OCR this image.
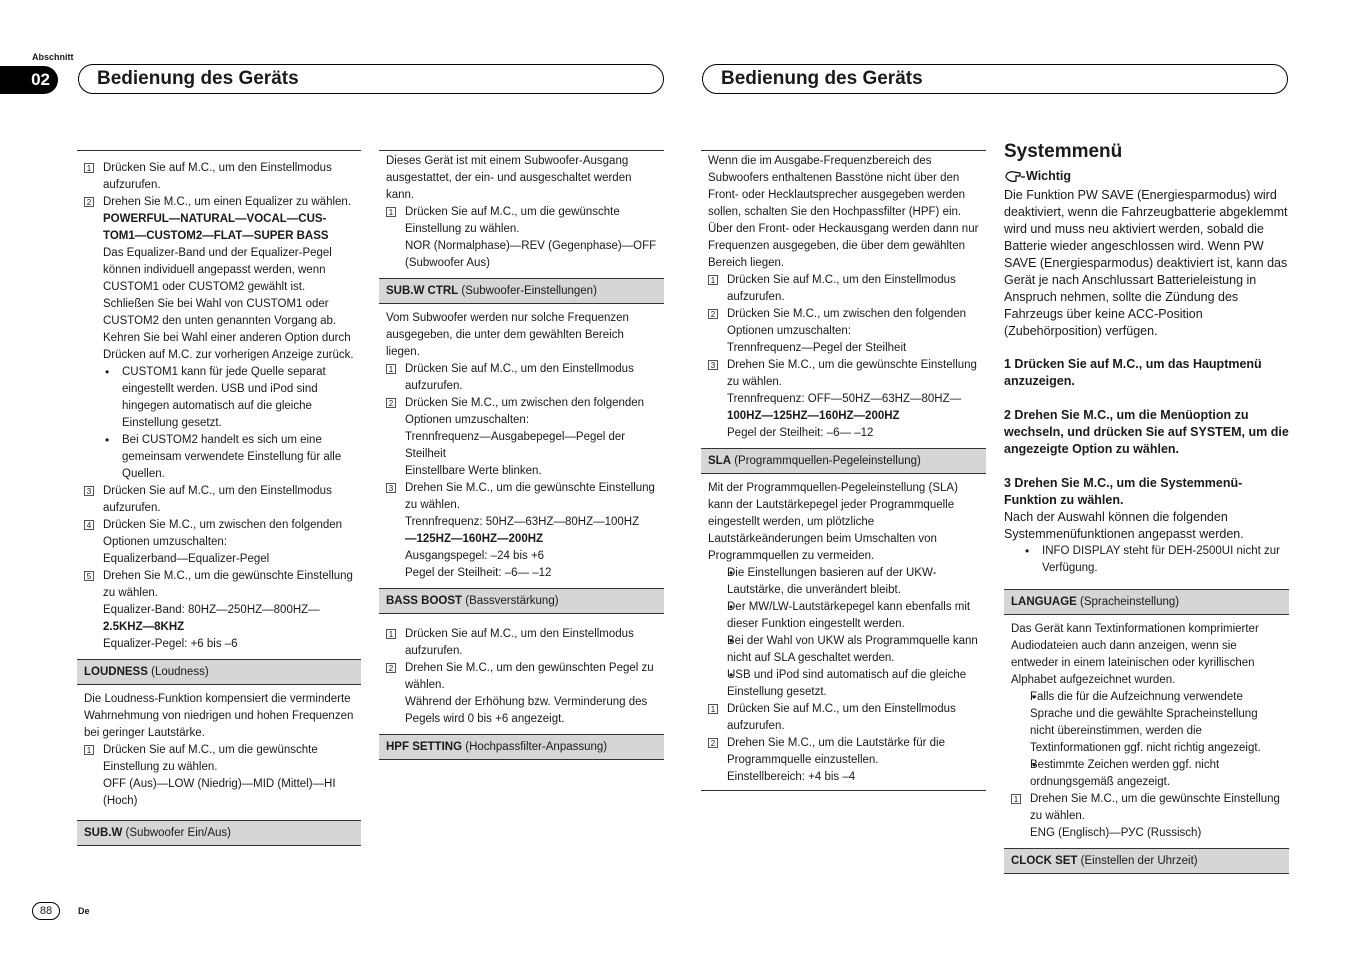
Abschnitt
02	Bedienung des Geräts	Bedienung des Geräts
1 Drücken Sie auf M.C., um den Einstellmodus aufzurufen.
2 Drehen Sie M.C., um einen Equalizer zu wählen.
POWERFUL—NATURAL—VOCAL—CUS-
TOM1—CUSTOM2—FLAT—SUPER BASS
Das Equalizer-Band und der Equalizer-Pegel können individuell angepasst werden, wenn CUSTOM1 oder CUSTOM2 gewählt ist. Schließen Sie bei Wahl von CUSTOM1 oder CUSTOM2 den unten genannten Vorgang ab. Kehren Sie bei Wahl einer anderen Option durch Drücken auf M.C. zur vorherigen Anzeige zurück.
• CUSTOM1 kann für jede Quelle separat eingestellt werden. USB und iPod sind hingegen automatisch auf die gleiche Einstellung gesetzt.
• Bei CUSTOM2 handelt es sich um eine gemeinsam verwendete Einstellung für alle Quellen.
3 Drücken Sie auf M.C., um den Einstellmodus aufzurufen.
4 Drücken Sie M.C., um zwischen den folgenden Optionen umzuschalten:
Equalizerband—Equalizer-Pegel
5 Drehen Sie M.C., um die gewünschte Einstellung zu wählen.
Equalizer-Band: 80HZ—250HZ—800HZ—
2.5KHZ—8KHZ
Equalizer-Pegel: +6 bis –6
LOUDNESS (Loudness)
Die Loudness-Funktion kompensiert die verminderte Wahrnehmung von niedrigen und hohen Frequenzen bei geringer Lautstärke.
1 Drücken Sie auf M.C., um die gewünschte Einstellung zu wählen.
OFF (Aus)—LOW (Niedrig)—MID (Mittel)—HI (Hoch)
SUB.W (Subwoofer Ein/Aus)
Dieses Gerät ist mit einem Subwoofer-Ausgang ausgestattet, der ein- und ausgeschaltet werden kann.
1 Drücken Sie auf M.C., um die gewünschte Einstellung zu wählen.
NOR (Normalphase)—REV (Gegenphase)—OFF (Subwoofer Aus)
SUB.W CTRL (Subwoofer-Einstellungen)
Vom Subwoofer werden nur solche Frequenzen ausgegeben, die unter dem gewählten Bereich liegen.
1 Drücken Sie auf M.C., um den Einstellmodus aufzurufen.
2 Drücken Sie M.C., um zwischen den folgenden Optionen umzuschalten:
Trennfrequenz—Ausgabepegel—Pegel der Steilheit
Einstellbare Werte blinken.
3 Drehen Sie M.C., um die gewünschte Einstellung zu wählen.
Trennfrequenz: 50HZ—63HZ—80HZ—100HZ
—125HZ—160HZ—200HZ
Ausgangspegel: –24 bis +6
Pegel der Steilheit: –6— –12
BASS BOOST (Bassverstärkung)
1 Drücken Sie auf M.C., um den Einstellmodus aufzurufen.
2 Drehen Sie M.C., um den gewünschten Pegel zu wählen.
Während der Erhöhung bzw. Verminderung des Pegels wird 0 bis +6 angezeigt.
HPF SETTING (Hochpassfilter-Anpassung)
Wenn die im Ausgabe-Frequenzbereich des Subwoofers enthaltenen Basstöne nicht über den Front- oder Hecklautsprecher ausgegeben werden sollen, schalten Sie den Hochpassfilter (HPF) ein. Über den Front- oder Heckausgang werden dann nur Frequenzen ausgegeben, die über dem gewählten Bereich liegen.
1 Drücken Sie auf M.C., um den Einstellmodus aufzurufen.
2 Drücken Sie M.C., um zwischen den folgenden Optionen umzuschalten:
Trennfrequenz—Pegel der Steilheit
3 Drehen Sie M.C., um die gewünschte Einstellung zu wählen.
Trennfrequenz: OFF—50HZ—63HZ—80HZ—
100HZ—125HZ—160HZ—200HZ
Pegel der Steilheit: –6— –12
SLA (Programmquellen-Pegeleinstellung)
Mit der Programmquellen-Pegeleinstellung (SLA) kann der Lautstärkepegel jeder Programmquelle eingestellt werden, um plötzliche Lautstärkeänderungen beim Umschalten von Programmquellen zu vermeiden.
• Die Einstellungen basieren auf der UKW-Lautstärke, die unverändert bleibt.
• Der MW/LW-Lautstärkepegel kann ebenfalls mit dieser Funktion eingestellt werden.
• Bei der Wahl von UKW als Programmquelle kann nicht auf SLA geschaltet werden.
• USB und iPod sind automatisch auf die gleiche Einstellung gesetzt.
1 Drücken Sie auf M.C., um den Einstellmodus aufzurufen.
2 Drehen Sie M.C., um die Lautstärke für die Programmquelle einzustellen.
Einstellbereich: +4 bis –4
Systemmenü
Wichtig
Die Funktion PW SAVE (Energiesparmodus) wird deaktiviert, wenn die Fahrzeugbatterie abgeklemmt wird und muss neu aktiviert werden, sobald die Batterie wieder angeschlossen wird. Wenn PW SAVE (Energiesparmodus) deaktiviert ist, kann das Gerät je nach Anschlussart Batterieleistung in Anspruch nehmen, sollte die Zündung des Fahrzeugs über keine ACC-Position (Zubehörposition) verfügen.
1 Drücken Sie auf M.C., um das Hauptmenü anzuzeigen.
2 Drehen Sie M.C., um die Menüoption zu wechseln, und drücken Sie auf SYSTEM, um die angezeigte Option zu wählen.
3 Drehen Sie M.C., um die Systemmenü-Funktion zu wählen.
Nach der Auswahl können die folgenden Systemmenüfunktionen angepasst werden.
• INFO DISPLAY steht für DEH-2500UI nicht zur Verfügung.
LANGUAGE (Spracheinstellung)
Das Gerät kann Textinformationen komprimierter Audiodateien auch dann anzeigen, wenn sie entweder in einem lateinischen oder kyrillischen Alphabet aufgezeichnet wurden.
• Falls die für die Aufzeichnung verwendete Sprache und die gewählte Spracheinstellung nicht übereinstimmen, werden die Textinformationen ggf. nicht richtig angezeigt.
• Bestimmte Zeichen werden ggf. nicht ordnungsgemäß angezeigt.
1 Drehen Sie M.C., um die gewünschte Einstellung zu wählen.
ENG (Englisch)—РУС (Russisch)
CLOCK SET (Einstellen der Uhrzeit)
88	De
